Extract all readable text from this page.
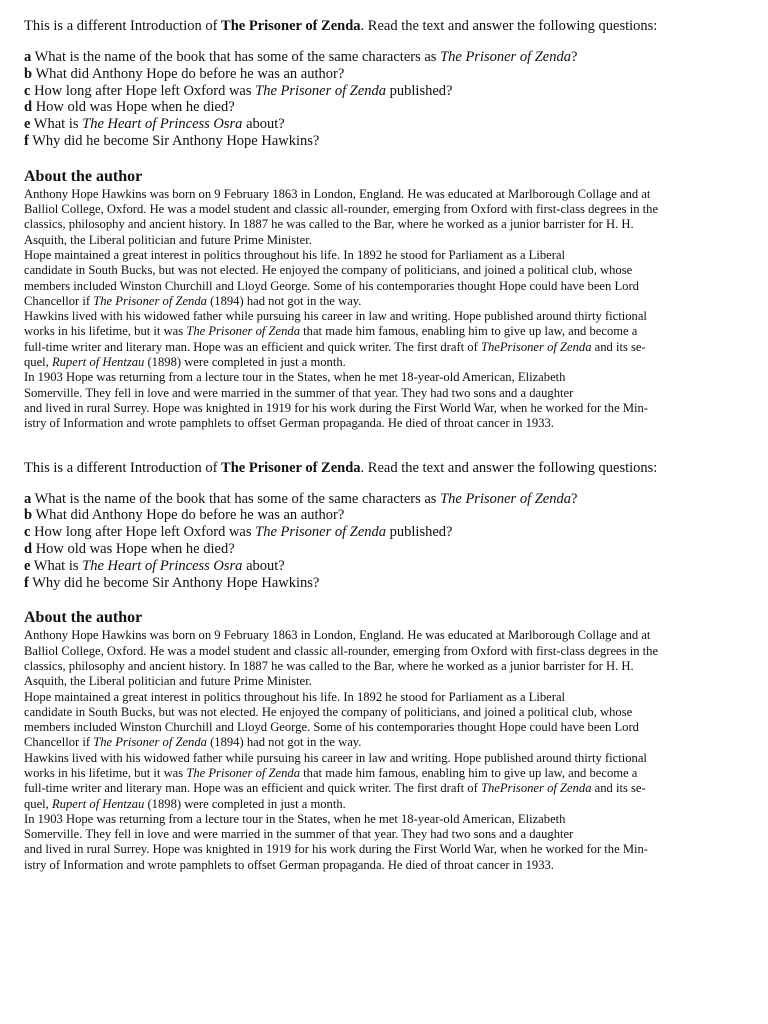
This is a different Introduction of The Prisoner of Zenda. Read the text and answer the following questions:

a What is the name of the book that has some of the same characters as The Prisoner of Zenda?
b What did Anthony Hope do before he was an author?
c How long after Hope left Oxford was The Prisoner of Zenda published?
d How old was Hope when he died?
e What is The Heart of Princess Osra about?
f Why did he become Sir Anthony Hope Hawkins?
About the author
Anthony Hope Hawkins was born on 9 February 1863 in London, England. He was educated at Marlborough Collage and at
Balliol College, Oxford. He was a model student and classic all-rounder, emerging from Oxford with first-class degrees in the
classics, philosophy and ancient history. In 1887 he was called to the Bar, where he worked as a junior barrister for H. H.
Asquith, the Liberal politician and future Prime Minister.
Hope maintained a great interest in politics throughout his life. In 1892 he stood for Parliament as a Liberal
candidate in South Bucks, but was not elected. He enjoyed the company of politicians, and joined a political club, whose
members included Winston Churchill and Lloyd George. Some of his contemporaries thought Hope could have been Lord
Chancellor if The Prisoner of Zenda (1894) had not got in the way.
Hawkins lived with his widowed father while pursuing his career in law and writing. Hope published around thirty fictional
works in his lifetime, but it was The Prisoner of Zenda that made him famous, enabling him to give up law, and become a
full-time writer and literary man. Hope was an efficient and quick writer. The first draft of ThePrisoner of Zenda and its se-
quel, Rupert of Hentzau (1898) were completed in just a month.
In 1903 Hope was returning from a lecture tour in the States, when he met 18-year-old American, Elizabeth
Somerville. They fell in love and were married in the summer of that year. They had two sons and a daughter
and lived in rural Surrey. Hope was knighted in 1919 for his work during the First World War, when he worked for the Min-
istry of Information and wrote pamphlets to offset German propaganda. He died of throat cancer in 1933.

This is a different Introduction of The Prisoner of Zenda. Read the text and answer the following questions:

a What is the name of the book that has some of the same characters as The Prisoner of Zenda?
b What did Anthony Hope do before he was an author?
c How long after Hope left Oxford was The Prisoner of Zenda published?
d How old was Hope when he died?
e What is The Heart of Princess Osra about?
f Why did he become Sir Anthony Hope Hawkins?
About the author
Anthony Hope Hawkins was born on 9 February 1863 in London, England. He was educated at Marlborough Collage and at
Balliol College, Oxford. He was a model student and classic all-rounder, emerging from Oxford with first-class degrees in the
classics, philosophy and ancient history. In 1887 he was called to the Bar, where he worked as a junior barrister for H. H.
Asquith, the Liberal politician and future Prime Minister.
Hope maintained a great interest in politics throughout his life. In 1892 he stood for Parliament as a Liberal
candidate in South Bucks, but was not elected. He enjoyed the company of politicians, and joined a political club, whose
members included Winston Churchill and Lloyd George. Some of his contemporaries thought Hope could have been Lord
Chancellor if The Prisoner of Zenda (1894) had not got in the way.
Hawkins lived with his widowed father while pursuing his career in law and writing. Hope published around thirty fictional
works in his lifetime, but it was The Prisoner of Zenda that made him famous, enabling him to give up law, and become a
full-time writer and literary man. Hope was an efficient and quick writer. The first draft of ThePrisoner of Zenda and its se-
quel, Rupert of Hentzau (1898) were completed in just a month.
In 1903 Hope was returning from a lecture tour in the States, when he met 18-year-old American, Elizabeth
Somerville. They fell in love and were married in the summer of that year. They had two sons and a daughter
and lived in rural Surrey. Hope was knighted in 1919 for his work during the First World War, when he worked for the Min-
istry of Information and wrote pamphlets to offset German propaganda. He died of throat cancer in 1933.
